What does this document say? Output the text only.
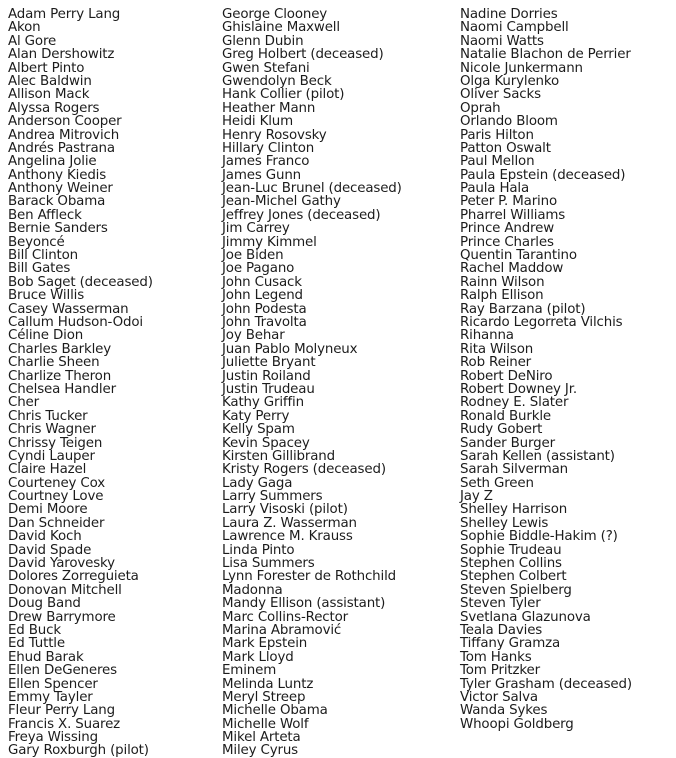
Adam Perry Lang
Akon
Al Gore
Alan Dershowitz
Albert Pinto
Alec Baldwin
Allison Mack
Alyssa Rogers
Anderson Cooper
Andrea Mitrovich
Andrés Pastrana
Angelina Jolie
Anthony Kiedis
Anthony Weiner
Barack Obama
Ben Affleck
Bernie Sanders
Beyoncé
Bill Clinton
Bill Gates
Bob Saget (deceased)
Bruce Willis
Casey Wasserman
Callum Hudson-Odoi
Céline Dion
Charles Barkley
Charlie Sheen
Charlize Theron
Chelsea Handler
Cher
Chris Tucker
Chris Wagner
Chrissy Teigen
Cyndi Lauper
Claire Hazel
Courteney Cox
Courtney Love
Demi Moore
Dan Schneider
David Koch
David Spade
David Yarovesky
Dolores Zorreguieta
Donovan Mitchell
Doug Band
Drew Barrymore
Ed Buck
Ed Tuttle
Ehud Barak
Ellen DeGeneres
Ellen Spencer
Emmy Tayler
Fleur Perry Lang
Francis X. Suarez
Freya Wissing
Gary Roxburgh (pilot)
George Clooney
Ghislaine Maxwell
Glenn Dubin
Greg Holbert (deceased)
Gwen Stefani
Gwendolyn Beck
Hank Collier (pilot)
Heather Mann
Heidi Klum
Henry Rosovsky
Hillary Clinton
James Franco
James Gunn
Jean-Luc Brunel (deceased)
Jean-Michel Gathy
Jeffrey Jones (deceased)
Jim Carrey
Jimmy Kimmel
Joe Biden
Joe Pagano
John Cusack
John Legend
John Podesta
John Travolta
Joy Behar
Juan Pablo Molyneux
Juliette Bryant
Justin Roiland
Justin Trudeau
Kathy Griffin
Katy Perry
Kelly Spam
Kevin Spacey
Kirsten Gillibrand
Kristy Rogers (deceased)
Lady Gaga
Larry Summers
Larry Visoski (pilot)
Laura Z. Wasserman
Lawrence M. Krauss
Linda Pinto
Lisa Summers
Lynn Forester de Rothchild
Madonna
Mandy Ellison (assistant)
Marc Collins-Rector
Marina Abramović
Mark Epstein
Mark Lloyd
Eminem
Melinda Luntz
Meryl Streep
Michelle Obama
Michelle Wolf
Mikel Arteta
Miley Cyrus
Nadine Dorries
Naomi Campbell
Naomi Watts
Natalie Blachon de Perrier
Nicole Junkermann
Olga Kurylenko
Oliver Sacks
Oprah
Orlando Bloom
Paris Hilton
Patton Oswalt
Paul Mellon
Paula Epstein (deceased)
Paula Hala
Peter P. Marino
Pharrel Williams
Prince Andrew
Prince Charles
Quentin Tarantino
Rachel Maddow
Rainn Wilson
Ralph Ellison
Ray Barzana (pilot)
Ricardo Legorreta Vilchis
Rihanna
Rita Wilson
Rob Reiner
Robert DeNiro
Robert Downey Jr.
Rodney E. Slater
Ronald Burkle
Rudy Gobert
Sander Burger
Sarah Kellen (assistant)
Sarah Silverman
Seth Green
Jay Z
Shelley Harrison
Shelley Lewis
Sophie Biddle-Hakim (?)
Sophie Trudeau
Stephen Collins
Stephen Colbert
Steven Spielberg
Steven Tyler
Svetlana Glazunova
Teala Davies
Tiffany Gramza
Tom Hanks
Tom Pritzker
Tyler Grasham (deceased)
Victor Salva
Wanda Sykes
Whoopi Goldberg
